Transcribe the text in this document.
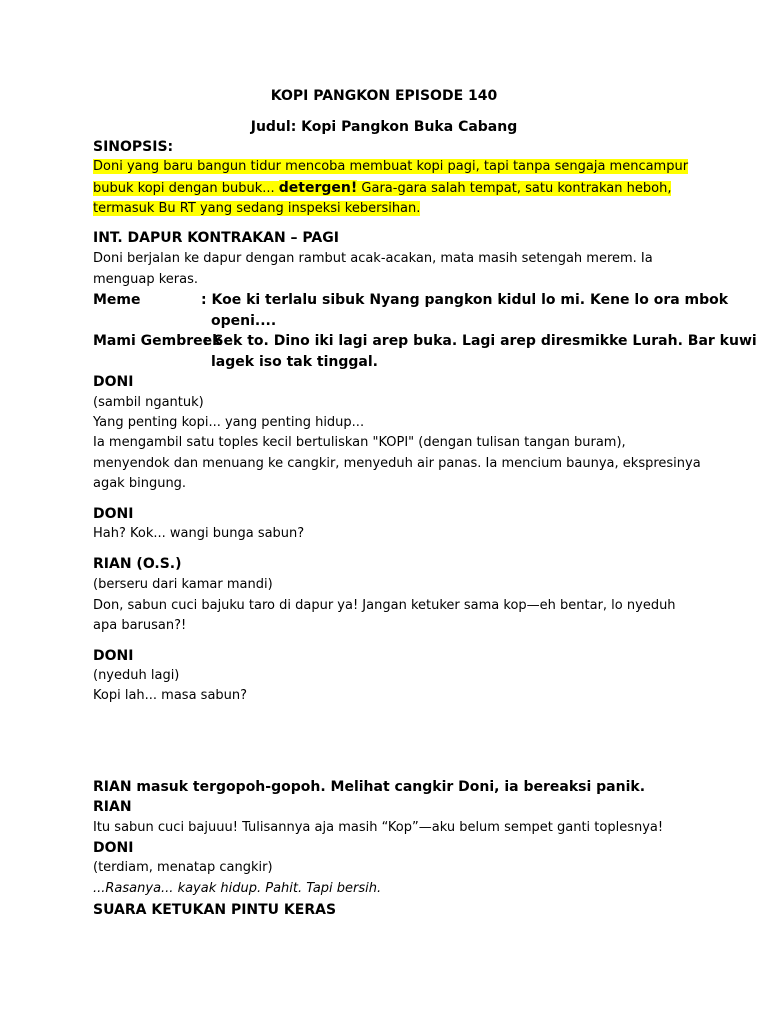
KOPI PANGKON EPISODE 140
Judul: Kopi Pangkon Buka Cabang
SINOPSIS:
Doni yang baru bangun tidur mencoba membuat kopi pagi, tapi tanpa sengaja mencampur
bubuk kopi dengan bubuk... detergen! Gara-gara salah tempat, satu kontrakan heboh,
termasuk Bu RT yang sedang inspeksi kebersihan.
INT. DAPUR KONTRAKAN – PAGI
Doni berjalan ke dapur dengan rambut acak-acakan, mata masih setengah merem. Ia
menguap keras.
Meme	: Koe ki terlalu sibuk Nyang pangkon kidul lo mi. Kene lo ora mbok
openi....
Mami Gembreek
: Sek to. Dino iki lagi arep buka. Lagi arep diresmikke Lurah. Bar kuwi
lagek iso tak tinggal.
DONI
(sambil ngantuk)
Yang penting kopi... yang penting hidup...
Ia mengambil satu toples kecil bertuliskan "KOPI" (dengan tulisan tangan buram),
menyendok dan menuang ke cangkir, menyeduh air panas. Ia mencium baunya, ekspresinya
agak bingung.
DONI
Hah? Kok... wangi bunga sabun?
RIAN (O.S.)
(berseru dari kamar mandi)
Don, sabun cuci bajuku taro di dapur ya! Jangan ketuker sama kop—eh bentar, lo nyeduh
apa barusan?!
DONI
(nyeduh lagi)
Kopi lah... masa sabun?
RIAN masuk tergopoh-gopoh. Melihat cangkir Doni, ia bereaksi panik.
RIAN
Itu sabun cuci bajuuu! Tulisannya aja masih “Kop”—aku belum sempet ganti toplesnya!
DONI
(terdiam, menatap cangkir)
...Rasanya... kayak hidup. Pahit. Tapi bersih.
SUARA KETUKAN PINTU KERAS
